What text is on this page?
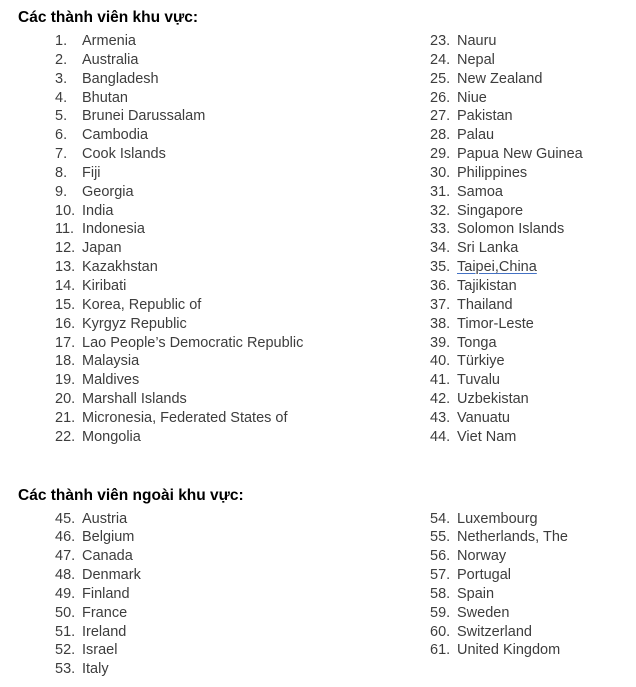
Các thành viên khu vực:
1. Armenia
2. Australia
3. Bangladesh
4. Bhutan
5. Brunei Darussalam
6. Cambodia
7. Cook Islands
8. Fiji
9. Georgia
10. India
11. Indonesia
12. Japan
13. Kazakhstan
14. Kiribati
15. Korea, Republic of
16. Kyrgyz Republic
17. Lao People’s Democratic Republic
18. Malaysia
19. Maldives
20. Marshall Islands
21. Micronesia, Federated States of
22. Mongolia
23. Nauru
24. Nepal
25. New Zealand
26. Niue
27. Pakistan
28. Palau
29. Papua New Guinea
30. Philippines
31. Samoa
32. Singapore
33. Solomon Islands
34. Sri Lanka
35. Taipei,China
36. Tajikistan
37. Thailand
38. Timor-Leste
39. Tonga
40. Türkiye
41. Tuvalu
42. Uzbekistan
43. Vanuatu
44. Viet Nam
Các thành viên ngoài khu vực:
45. Austria
46. Belgium
47. Canada
48. Denmark
49. Finland
50. France
51. Ireland
52. Israel
53. Italy
54. Luxembourg
55. Netherlands, The
56. Norway
57. Portugal
58. Spain
59. Sweden
60. Switzerland
61. United Kingdom
